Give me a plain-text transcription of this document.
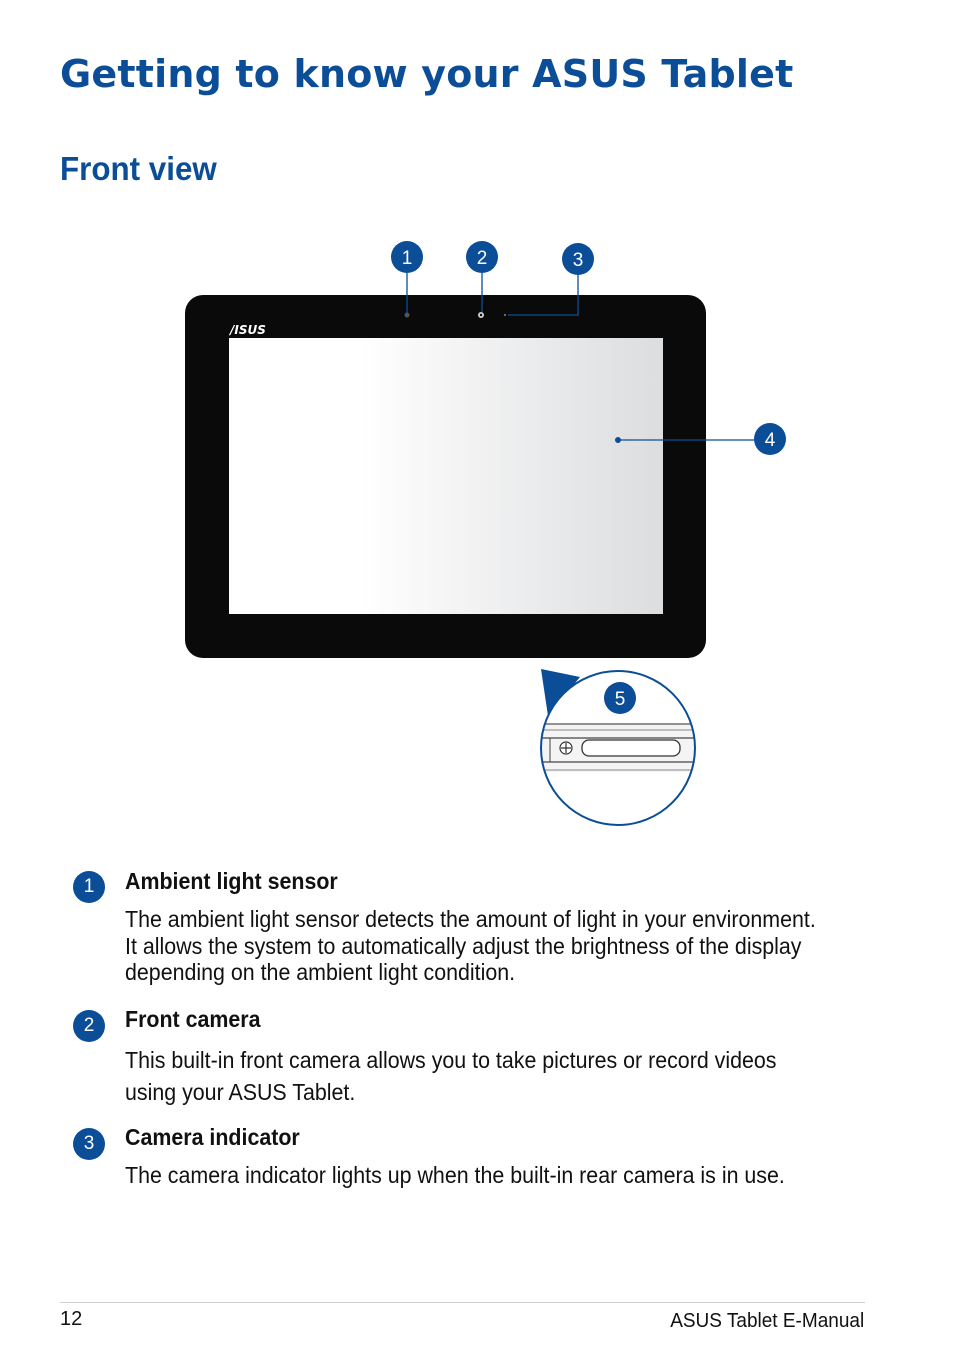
Getting to know your ASUS Tablet
Front view
/ISUS
1	2	3
4
5
1	Ambient light sensor
The ambient light sensor detects the amount of light in your environment.
It allows the system to automatically adjust the brightness of the display
depending on the ambient light condition.
2	Front camera
This built-in front camera allows you to take pictures or record videos
using your ASUS Tablet.
3	Camera indicator
The camera indicator lights up when the built-in rear camera is in use.
12	ASUS Tablet E-Manual
